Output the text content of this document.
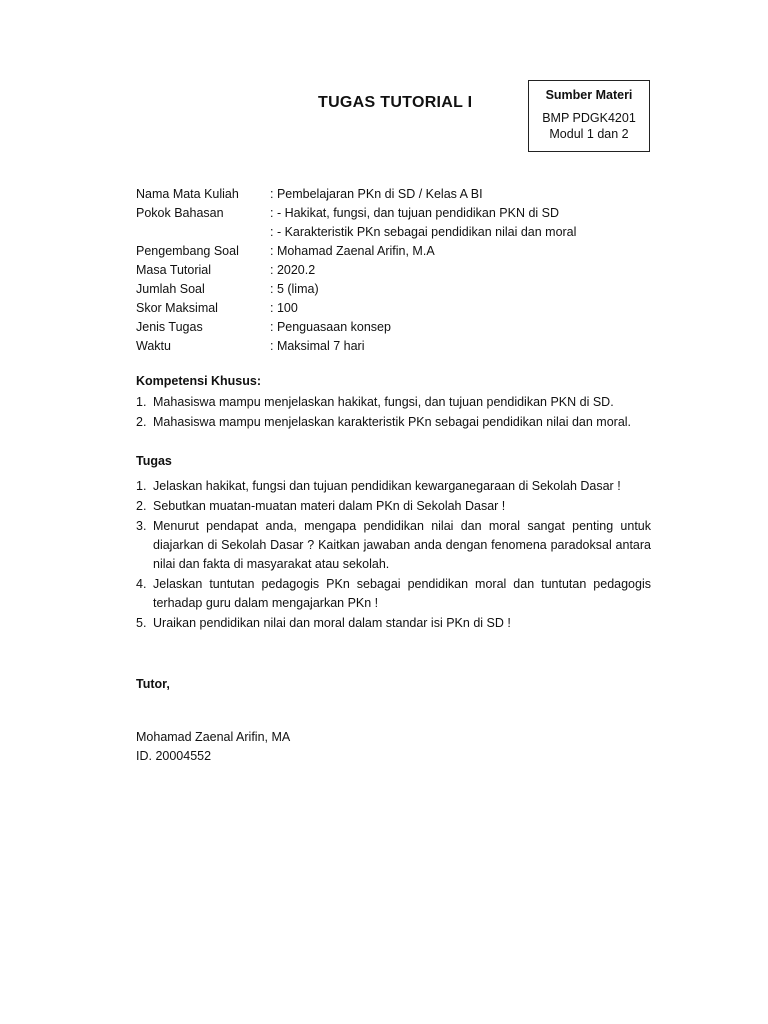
TUGAS TUTORIAL I	Sumber Materi
BMP PDGK4201
Modul 1 dan 2
Nama Mata Kuliah	: Pembelajaran PKn di SD / Kelas A BI
Pokok Bahasan	: - Hakikat, fungsi, dan tujuan pendidikan PKN di SD
: - Karakteristik PKn sebagai pendidikan nilai dan moral
Pengembang Soal	: Mohamad Zaenal Arifin, M.A
Masa Tutorial	: 2020.2
Jumlah Soal	: 5 (lima)
Skor Maksimal	: 100
Jenis Tugas	: Penguasaan konsep
Waktu	: Maksimal 7 hari
Kompetensi Khusus:
1. Mahasiswa mampu menjelaskan hakikat, fungsi, dan tujuan pendidikan PKN di SD.
2. Mahasiswa mampu menjelaskan karakteristik PKn sebagai pendidikan nilai dan moral.
Tugas
1. Jelaskan hakikat, fungsi dan tujuan pendidikan kewarganegaraan di Sekolah Dasar !
2. Sebutkan muatan-muatan materi dalam PKn di Sekolah Dasar !
3. Menurut pendapat anda, mengapa pendidikan nilai dan moral sangat penting untuk diajarkan di Sekolah Dasar ? Kaitkan jawaban anda dengan fenomena paradoksal antara nilai dan fakta di masyarakat atau sekolah.
4. Jelaskan tuntutan pedagogis PKn sebagai pendidikan moral dan tuntutan pedagogis terhadap guru dalam mengajarkan PKn !
5. Uraikan pendidikan nilai dan moral dalam standar isi PKn di SD !
Tutor,
Mohamad Zaenal Arifin, MA
ID. 20004552
